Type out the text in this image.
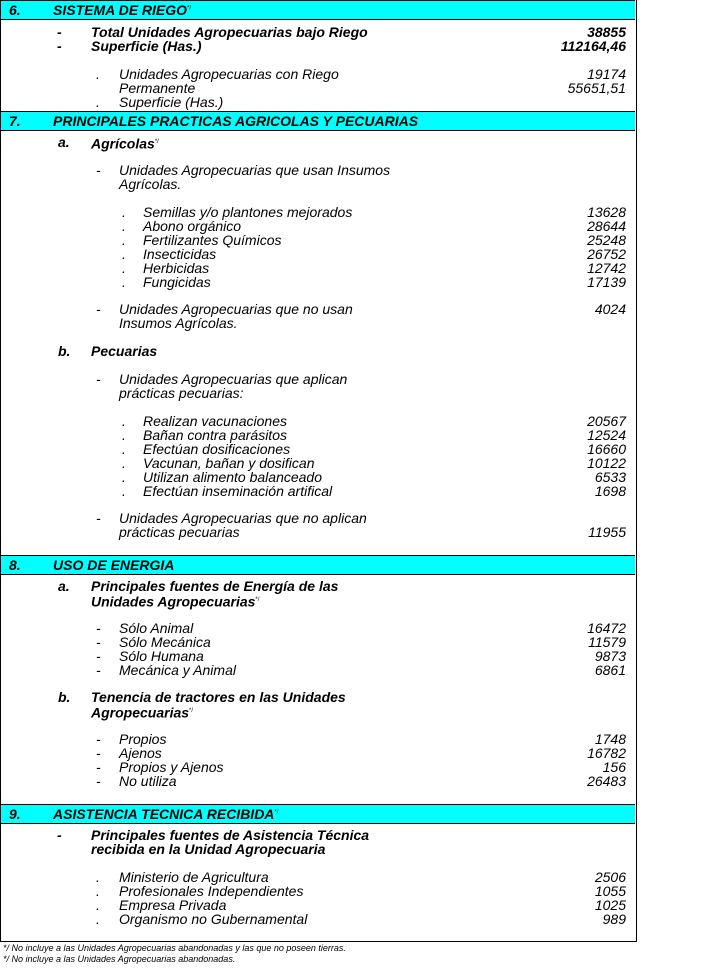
6. SISTEMA DE RIEGO*/
- Total Unidades Agropecuarias bajo Riego	38855
- Superficie (Has.)	112164,46
. Unidades Agropecuarias con Riego	19174
Permanente	55651,51
. Superficie (Has.)
7. PRINCIPALES PRACTICAS AGRICOLAS Y PECUARIAS
a. Agrícolas*/
- Unidades Agropecuarias que usan Insumos
Agrícolas.
. Semillas y/o plantones mejorados	13628
. Abono orgánico	28644
. Fertilizantes Químicos	25248
. Insecticidas	26752
. Herbicidas	12742
. Fungicidas	17139
- Unidades Agropecuarias que no usan	4024
Insumos Agrícolas.
b. Pecuarias
- Unidades Agropecuarias que aplican
prácticas pecuarias:
. Realizan vacunaciones	20567
. Bañan contra parásitos	12524
. Efectúan dosificaciones	16660
. Vacunan, bañan y dosifican	10122
. Utilizan alimento balanceado	6533
. Efectúan inseminación artifical	1698
- Unidades Agropecuarias que no aplican
prácticas pecuarias	11955
8. USO DE ENERGIA
a. Principales fuentes de Energía de las
Unidades Agropecuarias*/
- Sólo Animal	16472
- Sólo Mecánica	11579
- Sólo Humana	9873
- Mecánica y Animal	6861
b. Tenencia de tractores en las Unidades
Agropecuarias*/
- Propios	1748
- Ajenos	16782
- Propios y Ajenos	156
- No utiliza	26483
9. ASISTENCIA TECNICA RECIBIDA*/
- Principales fuentes de Asistencia Técnica
recibida en la Unidad Agropecuaria
. Ministerio de Agricultura	2506
. Profesionales Independientes	1055
. Empresa Privada	1025
. Organismo no Gubernamental	989
*/ No incluye a las Unidades Agropecuarias abandonadas y las que no poseen tierras.
*/ No incluye a las Unidades Agropecuarias abandonadas.
